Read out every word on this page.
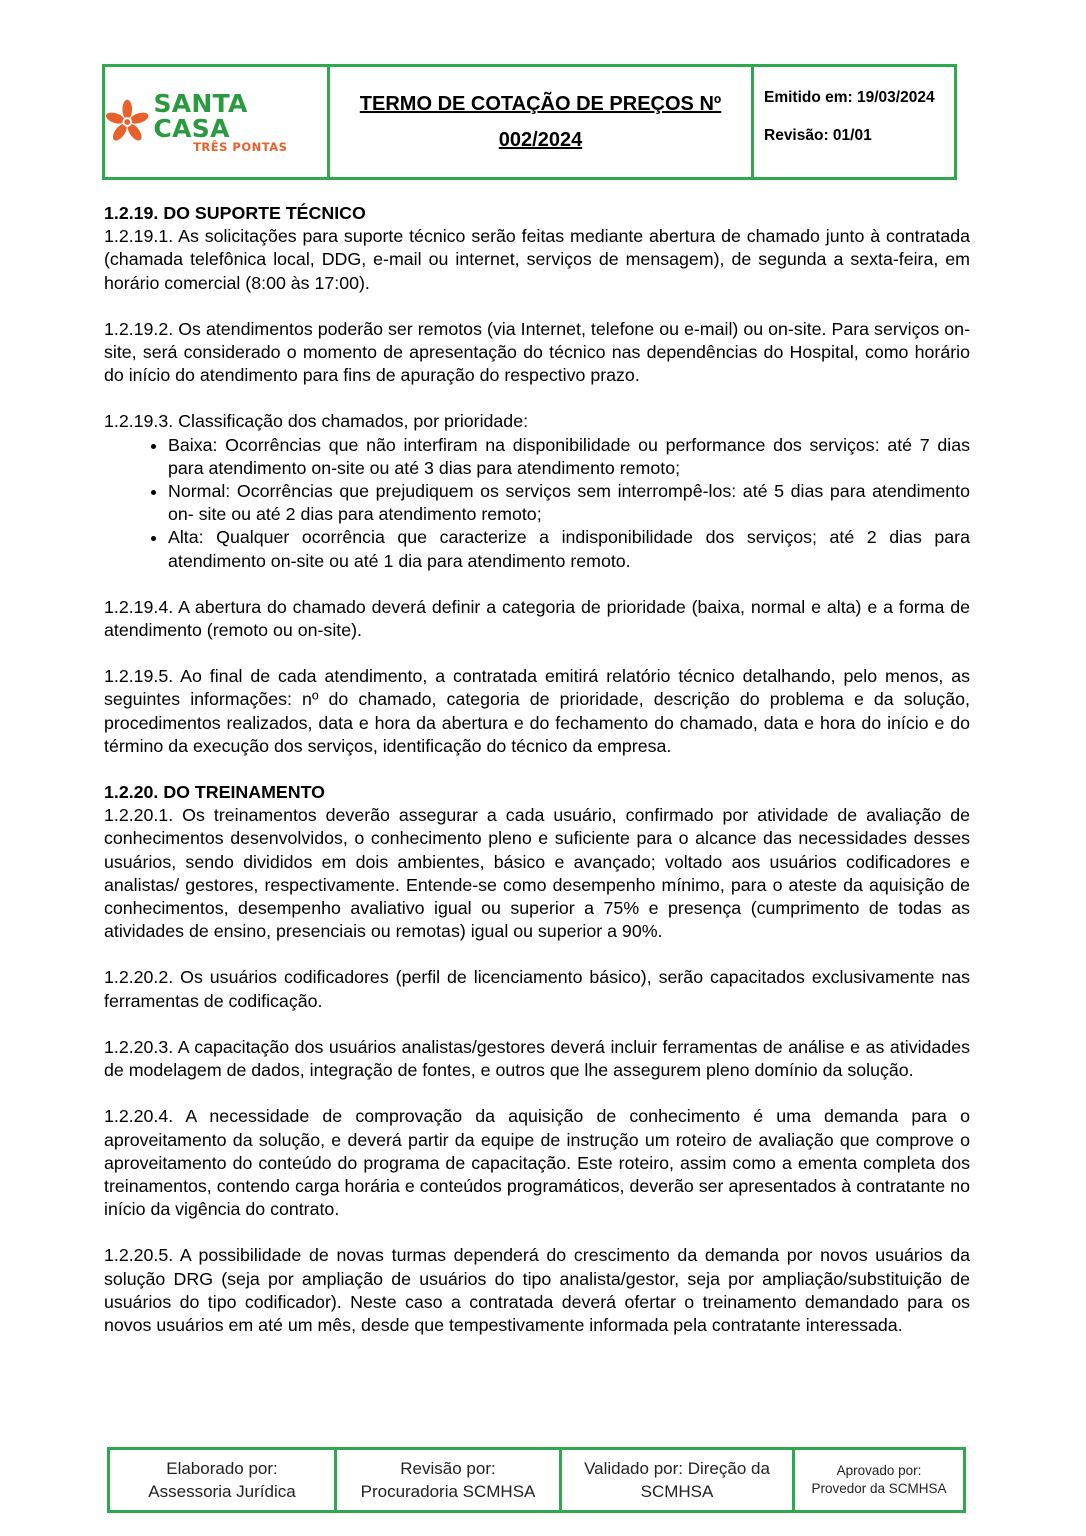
SANTA CASA
TRÊS PONTAS
TERMO DE COTAÇÃO DE PREÇOS Nº
002/2024
Emitido em: 19/03/2024
Revisão: 01/01
1.2.19. DO SUPORTE TÉCNICO

1.2.19.1. As solicitações para suporte técnico serão feitas mediante abertura de chamado junto à contratada (chamada telefônica local, DDG, e-mail ou internet, serviços de mensagem), de segunda a sexta-feira, em horário comercial (8:00 às 17:00).

1.2.19.2. Os atendimentos poderão ser remotos (via Internet, telefone ou e-mail) ou on-site. Para serviços on-site, será considerado o momento de apresentação do técnico nas dependências do Hospital, como horário do início do atendimento para fins de apuração do respectivo prazo.

1.2.19.3. Classificação dos chamados, por prioridade:

• Baixa: Ocorrências que não interfiram na disponibilidade ou performance dos serviços: até 7 dias para atendimento on-site ou até 3 dias para atendimento remoto;
• Normal: Ocorrências que prejudiquem os serviços sem interrompê-los: até 5 dias para atendimento on- site ou até 2 dias para atendimento remoto;
• Alta: Qualquer ocorrência que caracterize a indisponibilidade dos serviços; até 2 dias para atendimento on-site ou até 1 dia para atendimento remoto.

1.2.19.4. A abertura do chamado deverá definir a categoria de prioridade (baixa, normal e alta) e a forma de atendimento (remoto ou on-site).

1.2.19.5. Ao final de cada atendimento, a contratada emitirá relatório técnico detalhando, pelo menos, as seguintes informações: nº do chamado, categoria de prioridade, descrição do problema e da solução, procedimentos realizados, data e hora da abertura e do fechamento do chamado, data e hora do início e do término da execução dos serviços, identificação do técnico da empresa.

1.2.20. DO TREINAMENTO

1.2.20.1. Os treinamentos deverão assegurar a cada usuário, confirmado por atividade de avaliação de conhecimentos desenvolvidos, o conhecimento pleno e suficiente para o alcance das necessidades desses usuários, sendo divididos em dois ambientes, básico e avançado; voltado aos usuários codificadores e analistas/ gestores, respectivamente. Entende-se como desempenho mínimo, para o ateste da aquisição de conhecimentos, desempenho avaliativo igual ou superior a 75% e presença (cumprimento de todas as atividades de ensino, presenciais ou remotas) igual ou superior a 90%.

1.2.20.2. Os usuários codificadores (perfil de licenciamento básico), serão capacitados exclusivamente nas ferramentas de codificação.

1.2.20.3. A capacitação dos usuários analistas/gestores deverá incluir ferramentas de análise e as atividades de modelagem de dados, integração de fontes, e outros que lhe assegurem pleno domínio da solução.

1.2.20.4. A necessidade de comprovação da aquisição de conhecimento é uma demanda para o aproveitamento da solução, e deverá partir da equipe de instrução um roteiro de avaliação que comprove o aproveitamento do conteúdo do programa de capacitação. Este roteiro, assim como a ementa completa dos treinamentos, contendo carga horária e conteúdos programáticos, deverão ser apresentados à contratante no início da vigência do contrato.

1.2.20.5. A possibilidade de novas turmas dependerá do crescimento da demanda por novos usuários da solução DRG (seja por ampliação de usuários do tipo analista/gestor, seja por ampliação/substituição de usuários do tipo codificador). Neste caso a contratada deverá ofertar o treinamento demandado para os novos usuários em até um mês, desde que tempestivamente informada pela contratante interessada.

Elaborado por:
Assessoria Jurídica
Revisão por:
Procuradoria SCMHSA
Validado por: Direção da
SCMHSA
Aprovado por:
Provedor da SCMHSA
